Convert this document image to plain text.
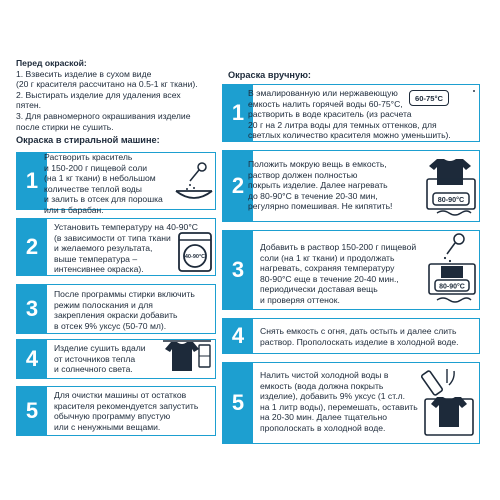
Перед окраской:
1. Взвесить изделие в сухом виде
(20 г красителя рассчитано на 0.5-1 кг ткани).
2. Выстирать изделие для удаления всех
пятен.
3. Для равномерного окрашивания изделие
после стирки не сушить.
Окраска в стиральной машине:
Окраска вручную:
1
Растворить краситель
и 150-200 г пищевой соли
(на 1 кг ткани) в небольшом
количестве теплой воды
и залить в отсек для порошка
или в барабан.
2
Установить температуру на 40-90°С
(в зависимости от типа ткани
и желаемого результата,
выше температура –
интенсивнее окраска).
40-90°С
3
После программы стирки включить
режим полоскания и для
закрепления окраски добавить
в отсек 9% уксус (50-70 мл).
4	Изделие сушить вдали
от источников тепла
и солнечного света.
5
Для очистки машины от остатков
красителя рекомендуется запустить
обычную программу впустую
или с ненужными вещами.
1
В эмалированную или нержавеющую
емкость налить горячей воды 60-75°С,
растворить в воде краситель (из расчета
20 г на 2 литра воды для темных оттенков, для
светлых количество красителя можно уменьшить).
60-75°С
2
Положить мокрую вещь в емкость,
раствор должен полностью
покрыть изделие. Далее нагревать
до 80-90°С в течение 20-30 мин,
регулярно помешивая. Не кипятить!
80-90°С
3
Добавить в раствор 150-200 г пищевой
соли (на 1 кг ткани) и продолжать
нагревать, сохраняя температуру
80-90°С еще в течение 20-40 мин.,
периодически доставая вещь
и проверяя оттенок.
80-90°С
4	Снять емкость с огня, дать остыть и далее слить
раствор. Прополоскать изделие в холодной воде.
5
Налить чистой холодной воды в
емкость (вода должна покрыть
изделие), добавить 9% уксус (1 ст.л.
на 1 литр воды), перемешать, оставить
на 20-30 мин. Далее тщательно
прополоскать в холодной воде.
